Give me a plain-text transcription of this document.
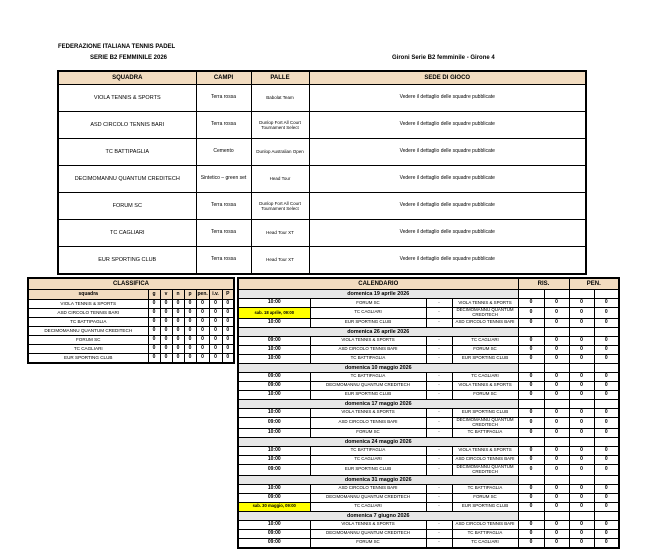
FEDERAZIONE ITALIANA TENNIS PADEL
SERIE B2 FEMMINILE 2026	Gironi Serie B2 femminile - Girone 4
SQUADRA	CAMPI	PALLE	SEDE DI GIOCO
VIOLA TENNIS & SPORTS	Terra rossa	Babolat Team	Vedere il dettaglio delle squadre pubblicate
ASD CIRCOLO TENNIS BARI	Terra rossa	Dunlop Fort All Court Tournament Select	Vedere il dettaglio delle squadre pubblicate
TC BATTIPAGLIA	Cemento	Dunlop Australian Open	Vedere il dettaglio delle squadre pubblicate
DECIMOMANNU QUANTUM CREDITECH	Sintetico – green set	Head Tour	Vedere il dettaglio delle squadre pubblicate
FORUM SC	Terra rossa	Dunlop Fort All Court Tournament Select	Vedere il dettaglio delle squadre pubblicate
TC CAGLIARI	Terra rossa	Head Tour XT	Vedere il dettaglio delle squadre pubblicate
EUR SPORTING CLUB	Terra rossa	Head Tour XT	Vedere il dettaglio delle squadre pubblicate
CLASSIFICA							
squadra	g	v	n	p	pen.	i.v.	P
VIOLA TENNIS & SPORTS	0	0	0	0	0	0	0
ASD CIRCOLO TENNIS BARI	0	0	0	0	0	0	0
TC BATTIPAGLIA	0	0	0	0	0	0	0
DECIMOMANNU QUANTUM CREDITECH	0	0	0	0	0	0	0
FORUM SC	0	0	0	0	0	0	0
TC CAGLIARI	0	0	0	0	0	0	0
EUR SPORTING CLUB	0	0	0	0	0	0	0
CALENDARIO				RIS.		PEN.	
domenica 19 aprile 2026							
10:00	FORUM SC	-	VIOLA TENNIS & SPORTS	0	0	0	0
sab. 18 aprile, 09:00	TC CAGLIARI	-	DECIMOMANNU QUANTUM CREDITECH	0	0	0	0
10:00	EUR SPORTING CLUB	-	ASD CIRCOLO TENNIS BARI	0	0	0	0
domenica 26 aprile 2026							
09:00	VIOLA TENNIS & SPORTS	-	TC CAGLIARI	0	0	0	0
10:00	ASD CIRCOLO TENNIS BARI	-	FORUM SC	0	0	0	0
10:00	TC BATTIPAGLIA	-	EUR SPORTING CLUB	0	0	0	0
domenica 10 maggio 2026							
09:00	TC BATTIPAGLIA	-	TC CAGLIARI	0	0	0	0
09:00	DECIMOMANNU QUANTUM CREDITECH	-	VIOLA TENNIS & SPORTS	0	0	0	0
10:00	EUR SPORTING CLUB	-	FORUM SC	0	0	0	0
domenica 17 maggio 2026							
10:00	VIOLA TENNIS & SPORTS	-	EUR SPORTING CLUB	0	0	0	0
09:00	ASD CIRCOLO TENNIS BARI	-	DECIMOMANNU QUANTUM CREDITECH	0	0	0	0
10:00	FORUM SC	-	TC BATTIPAGLIA	0	0	0	0
domenica 24 maggio 2026							
10:00	TC BATTIPAGLIA	-	VIOLA TENNIS & SPORTS	0	0	0	0
10:00	TC CAGLIARI	-	ASD CIRCOLO TENNIS BARI	0	0	0	0
09:00	EUR SPORTING CLUB	-	DECIMOMANNU QUANTUM CREDITECH	0	0	0	0
domenica 31 maggio 2026							
10:00	ASD CIRCOLO TENNIS BARI	-	TC BATTIPAGLIA	0	0	0	0
09:00	DECIMOMANNU QUANTUM CREDITECH	-	FORUM SC	0	0	0	0
sab. 30 maggio, 09:00	TC CAGLIARI	-	EUR SPORTING CLUB	0	0	0	0
domenica 7 giugno 2026							
10:00	VIOLA TENNIS & SPORTS	-	ASD CIRCOLO TENNIS BARI	0	0	0	0
09:00	DECIMOMANNU QUANTUM CREDITECH	-	TC BATTIPAGLIA	0	0	0	0
09:00	FORUM SC	-	TC CAGLIARI	0	0	0	0
